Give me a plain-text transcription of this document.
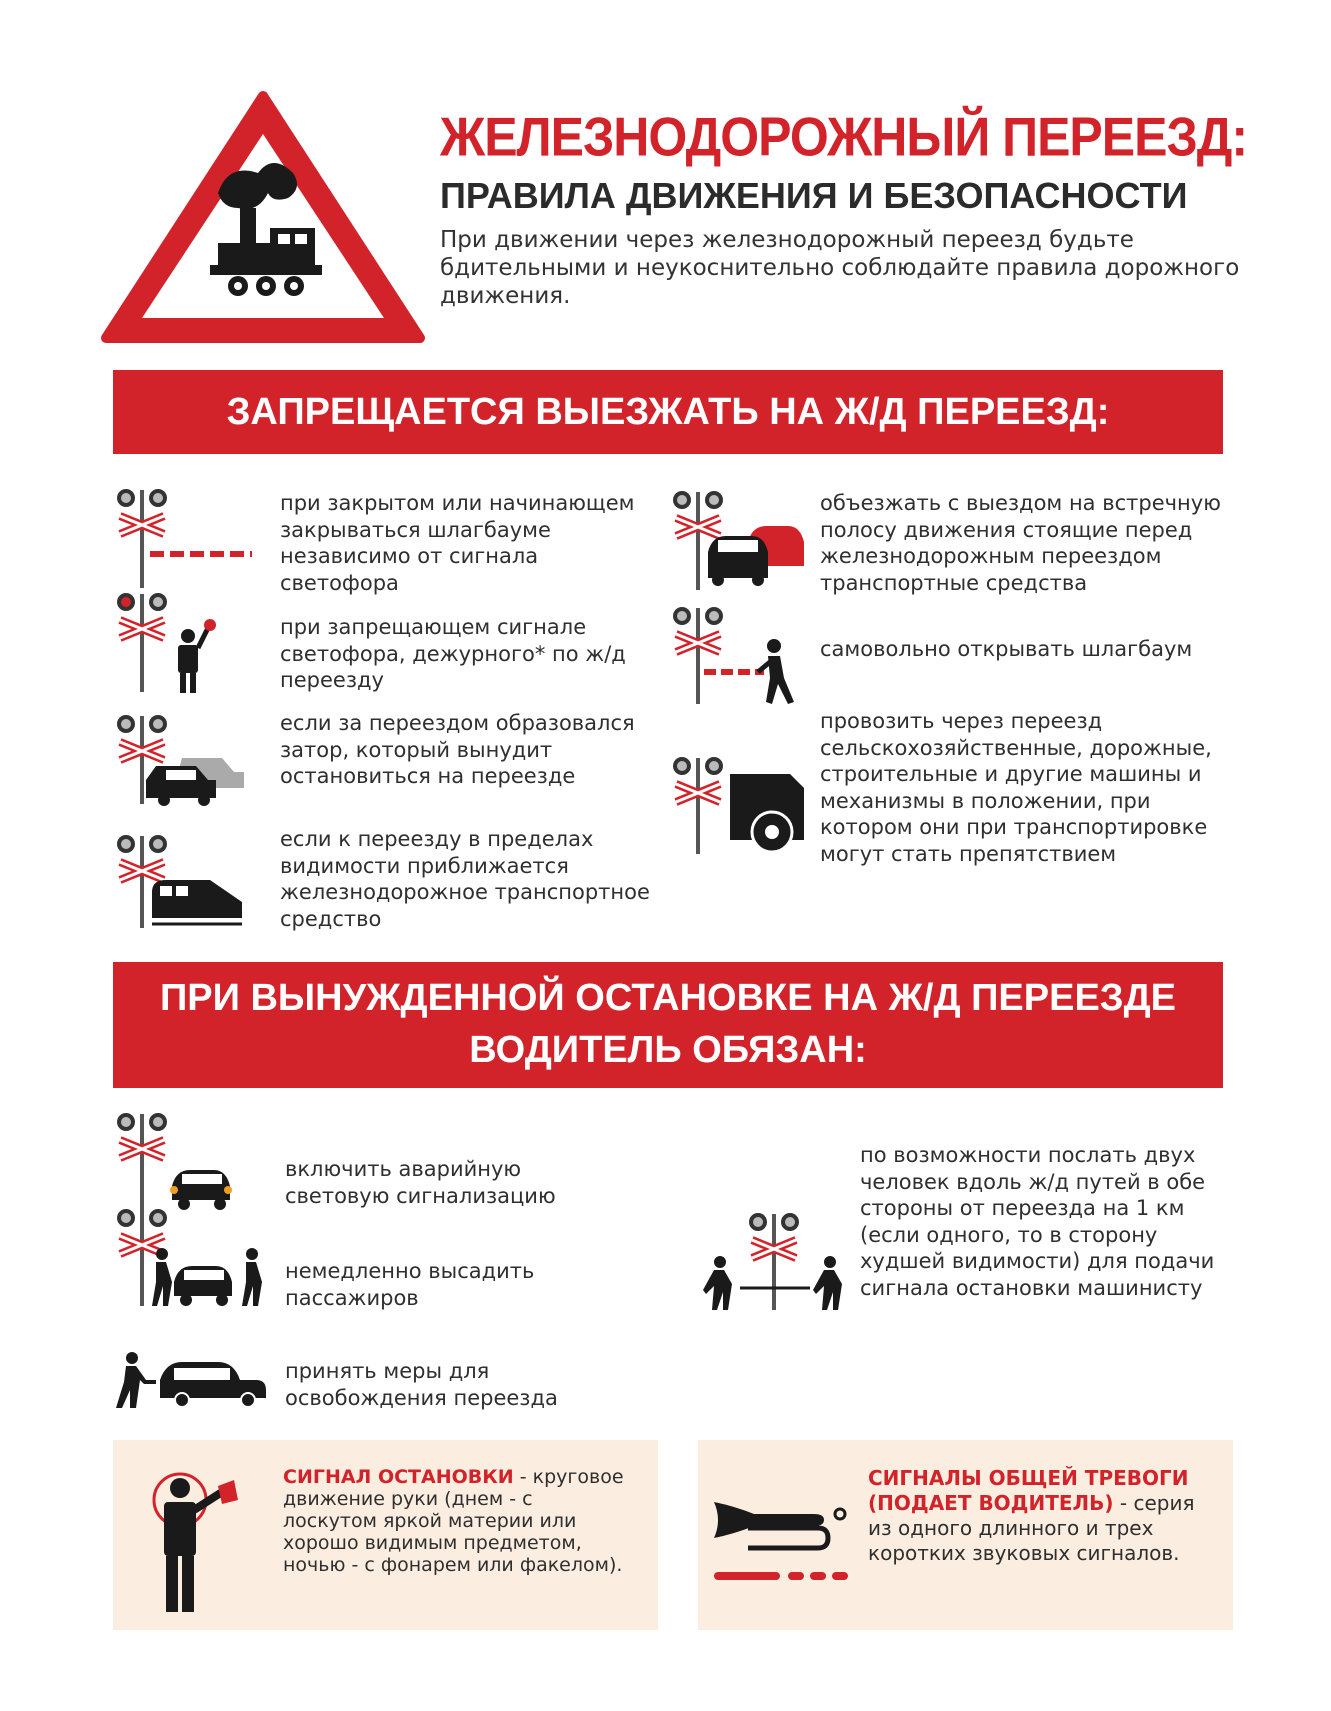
ЖЕЛЕЗНОДОРОЖНЫЙ ПЕРЕЕЗД:
ПРАВИЛА ДВИЖЕНИЯ И БЕЗОПАСНОСТИ
При движении через железнодорожный переезд будьте бдительными и неукоснительно соблюдайте правила дорожного движения.
ЗАПРЕЩАЕТСЯ ВЫЕЗЖАТЬ НА Ж/Д ПЕРЕЕЗД:
при закрытом или начинающем закрываться шлагбауме независимо от сигнала светофора
при запрещающем сигнале светофора, дежурного* по ж/д переезду
если за переездом образовался затор, который вынудит остановиться на переезде
если к переезду в пределах видимости приближается железнодорожное транспортное средство
объезжать с выездом на встречную полосу движения стоящие перед железнодорожным переездом транспортные средства
самовольно открывать шлагбаум
провозить через переезд сельскохозяйственные, дорожные, строительные и другие машины и механизмы в положении, при котором они при транспортировке могут стать препятствием
ПРИ ВЫНУЖДЕННОЙ ОСТАНОВКЕ НА Ж/Д ПЕРЕЕЗДЕ
ВОДИТЕЛЬ ОБЯЗАН:
включить аварийную световую сигнализацию
немедленно высадить пассажиров
принять меры для освобождения переезда
по возможности послать двух человек вдоль ж/д путей в обе стороны от переезда на 1 км (если одного, то в сторону худшей видимости) для подачи сигнала остановки машинисту
СИГНАЛ ОСТАНОВКИ - круговое движение руки (днем - с лоскутом яркой материи или хорошо видимым предметом, ночью - с фонарем или факелом).
СИГНАЛЫ ОБЩЕЙ ТРЕВОГИ (ПОДАЕТ ВОДИТЕЛЬ) - серия из одного длинного и трех коротких звуковых сигналов.
